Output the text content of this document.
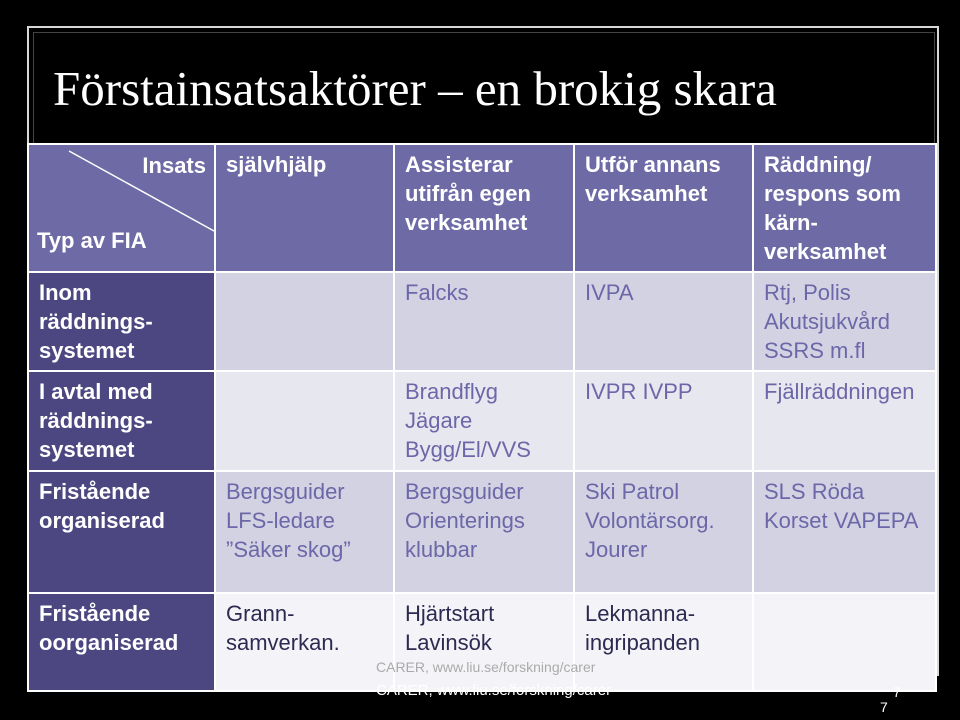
Förstainsatsaktörer – en brokig skara
Insats
Typ av FIA	självhjälp	Assisterar utifrån egen verksamhet	Utför annans verksamhet	Räddning/ respons som kärn-verksamhet
Inom räddnings-systemet		Falcks	IVPA	Rtj, Polis Akutsjukvård SSRS m.fl
I avtal med räddnings-systemet		Brandflyg Jägare Bygg/El/VVS	IVPR IVPP	Fjällräddningen
Fristående organiserad	Bergsguider LFS-ledare ”Säker skog”	Bergsguider Orienterings klubbar	Ski Patrol Volontärsorg. Jourer	SLS Röda Korset VAPEPA
Fristående oorganiserad	Grann-samverkan.	Hjärtstart Lavinsök	Lekmanna-ingripanden	
CARER, www.liu.se/forskning/carer
CARER, www.liu.se/forskning/carer	7
7
